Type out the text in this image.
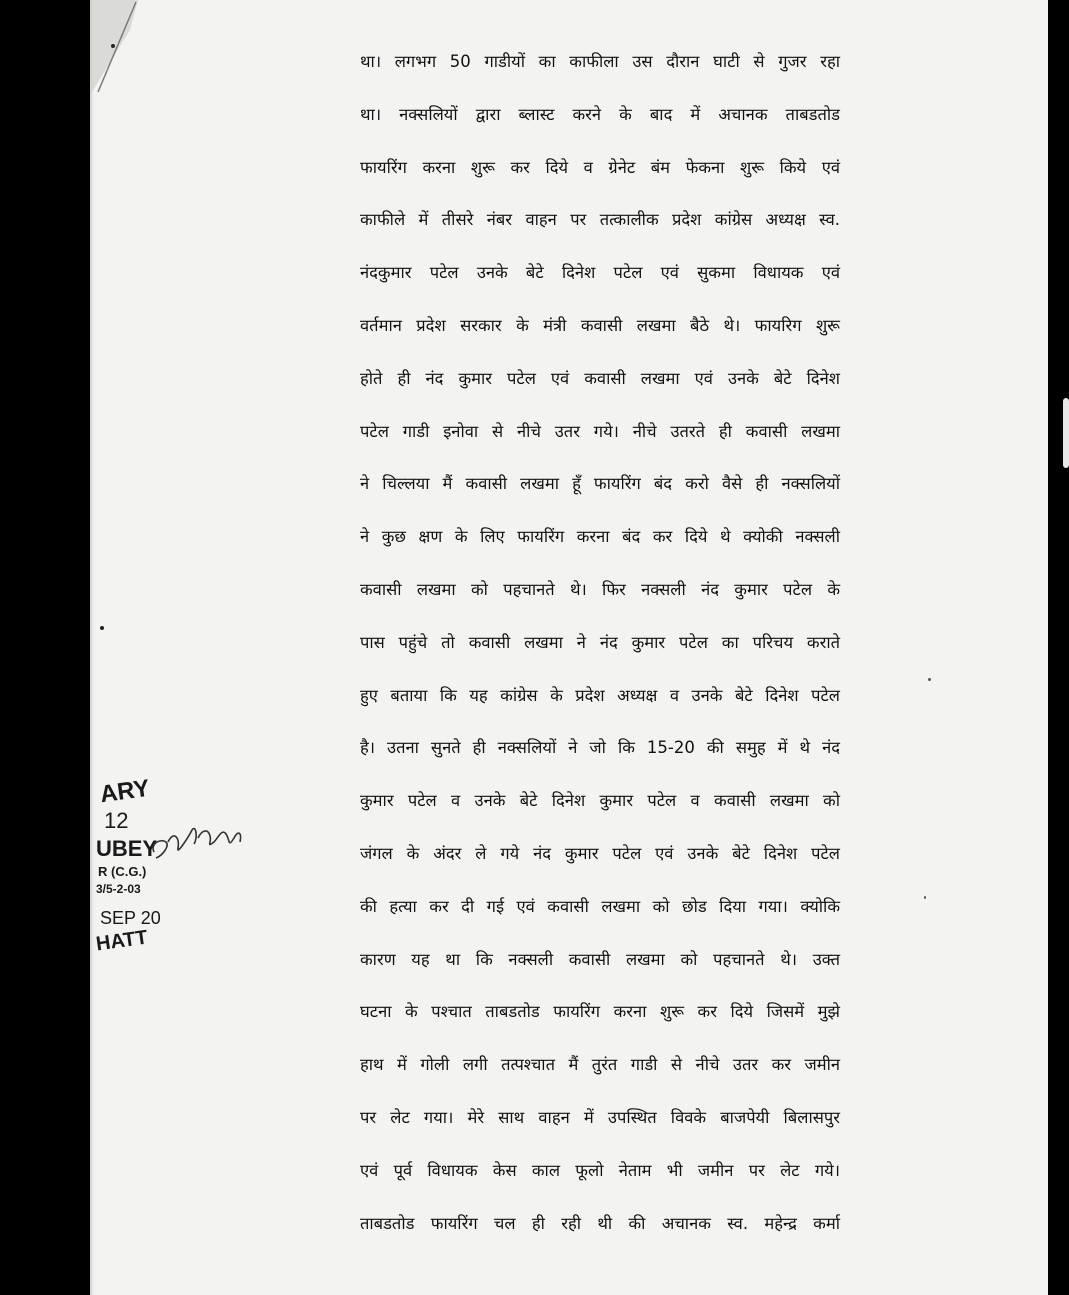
था। लगभग 50 गाडीयों का काफीला उस दौरान घाटी से गुजर रहा
था। नक्सलियों द्वारा ब्लास्ट करने के बाद में अचानक ताबडतोड
फायरिंग करना शुरू कर दिये व ग्रेनेट बंम फेकना शुरू किये एवं
काफीले में तीसरे नंबर वाहन पर तत्कालीक प्रदेश कांग्रेस अध्यक्ष स्व.
नंदकुमार पटेल उनके बेटे दिनेश पटेल एवं सुकमा विधायक एवं
वर्तमान प्रदेश सरकार के मंत्री कवासी लखमा बैठे थे। फायरिग शुरू
होते ही नंद कुमार पटेल एवं कवासी लखमा एवं उनके बेटे दिनेश
पटेल गाडी इनोवा से नीचे उतर गये। नीचे उतरते ही कवासी लखमा
ने चिल्लया मैं कवासी लखमा हूँ फायरिंग बंद करो वैसे ही नक्सलियों
ने कुछ क्षण के लिए फायरिंग करना बंद कर दिये थे क्योकी नक्सली
कवासी लखमा को पहचानते थे। फिर नक्सली नंद कुमार पटेल के
पास पहुंचे तो कवासी लखमा ने नंद कुमार पटेल का परिचय कराते
हुए बताया कि यह कांग्रेस के प्रदेश अध्यक्ष व उनके बेटे दिनेश पटेल
है। उतना सुनते ही नक्सलियों ने जो कि 15-20 की समुह में थे नंद
कुमार पटेल व उनके बेटे दिनेश कुमार पटेल व कवासी लखमा को
जंगल के अंदर ले गये नंद कुमार पटेल एवं उनके बेटे दिनेश पटेल
की हत्या कर दी गई एवं कवासी लखमा को छोड दिया गया। क्योकि
कारण यह था कि नक्सली कवासी लखमा को पहचानते थे। उक्त
घटना के पश्चात ताबडतोड फायरिंग करना शुरू कर दिये जिसमें मुझे
हाथ में गोली लगी तत्पश्चात मैं तुरंत गाडी से नीचे उतर कर जमीन
पर लेट गया। मेरे साथ वाहन में उपस्थित विवके बाजपेयी बिलासपुर
एवं पूर्व विधायक केस काल फूलो नेताम भी जमीन पर लेट गये।
ताबडतोड फायरिंग चल ही रही थी की अचानक स्व. महेन्द्र कर्मा
ARY
12
UBEY
R (C.G.)
3/5-2-03
SEP 20
HATT
